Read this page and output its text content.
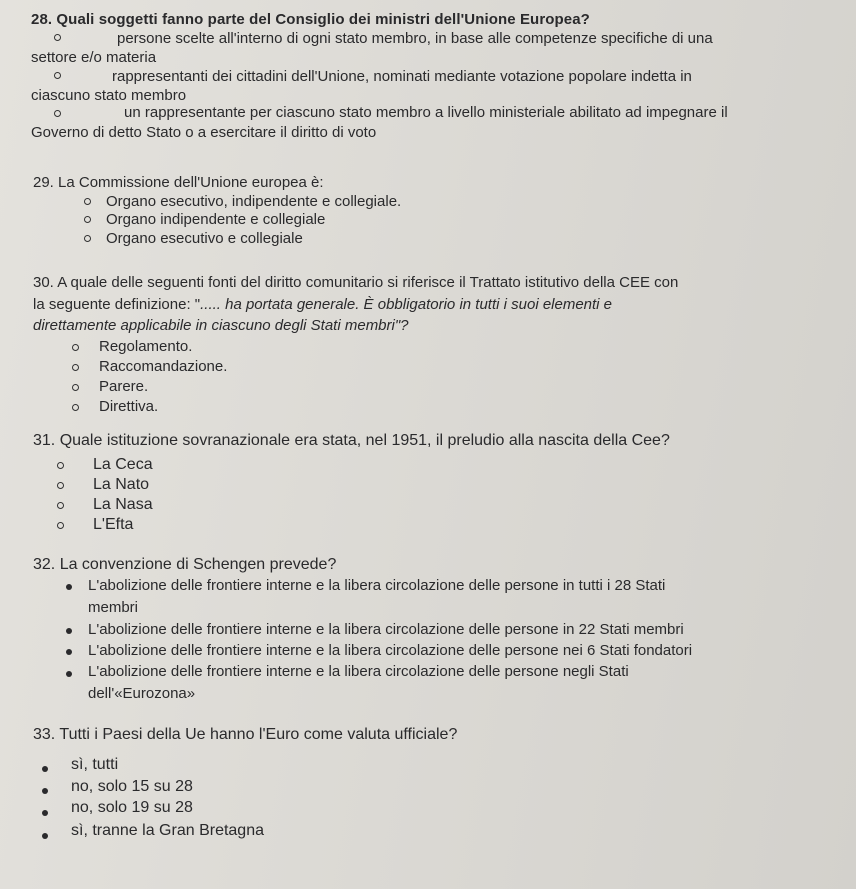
28. Quali soggetti fanno parte del Consiglio dei ministri dell'Unione Europea?
persone scelte all'interno di ogni stato membro, in base alle competenze specifiche di una
settore e/o materia
rappresentanti dei cittadini dell'Unione, nominati mediante votazione popolare indetta in
ciascuno stato membro
un rappresentante per ciascuno stato membro a livello ministeriale abilitato ad impegnare il
Governo di detto Stato o a esercitare il diritto di voto
29. La Commissione dell'Unione europea è:
Organo esecutivo, indipendente e collegiale.
Organo indipendente e collegiale
Organo esecutivo e collegiale
30. A quale delle seguenti fonti del diritto comunitario si riferisce il Trattato istitutivo della CEE con
la seguente definizione: "..... ha portata generale. È obbligatorio in tutti i suoi elementi e
direttamente applicabile in ciascuno degli Stati membri"?
Regolamento.
Raccomandazione.
Parere.
Direttiva.
31. Quale istituzione sovranazionale era stata, nel 1951, il preludio alla nascita della Cee?
La Ceca
La Nato
La Nasa
L'Efta
32. La convenzione di Schengen prevede?
L'abolizione delle frontiere interne e la libera circolazione delle persone in tutti i 28 Stati
membri
L'abolizione delle frontiere interne e la libera circolazione delle persone in 22 Stati membri
L'abolizione delle frontiere interne e la libera circolazione delle persone nei 6 Stati fondatori
L'abolizione delle frontiere interne e la libera circolazione delle persone negli Stati
dell'«Eurozona»
33. Tutti i Paesi della Ue hanno l'Euro come valuta ufficiale?
sì, tutti
no, solo 15 su 28
no, solo 19 su 28
sì, tranne la Gran Bretagna
